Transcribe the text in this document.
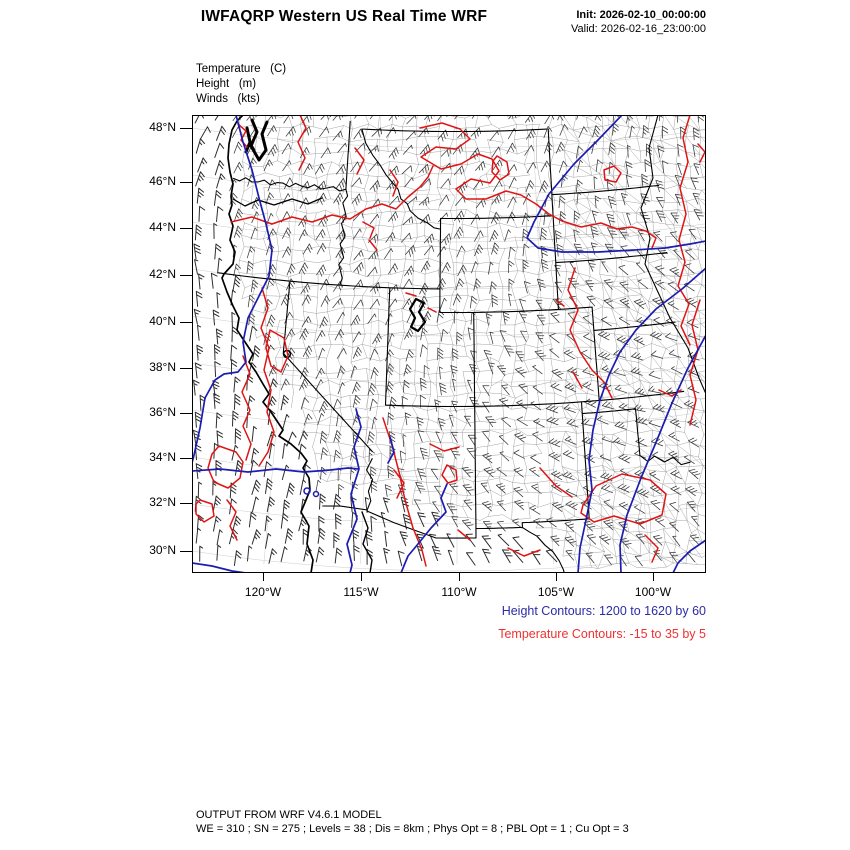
IWFAQRP Western US Real Time WRF	Init: 2026-02-10_00:00:00
Valid: 2026-02-16_23:00:00
Temperature   (C)
Height   (m)
Winds   (kts)
48°N
46°N
44°N
42°N
40°N
38°N
36°N
34°N
32°N
30°N
120°W	115°W	110°W	105°W	100°W
Height Contours: 1200 to 1620 by 60
Temperature Contours: -15 to 35 by 5
OUTPUT FROM WRF V4.6.1 MODEL
WE = 310 ; SN = 275 ; Levels = 38 ; Dis = 8km ; Phys Opt = 8 ; PBL Opt = 1 ; Cu Opt = 3
